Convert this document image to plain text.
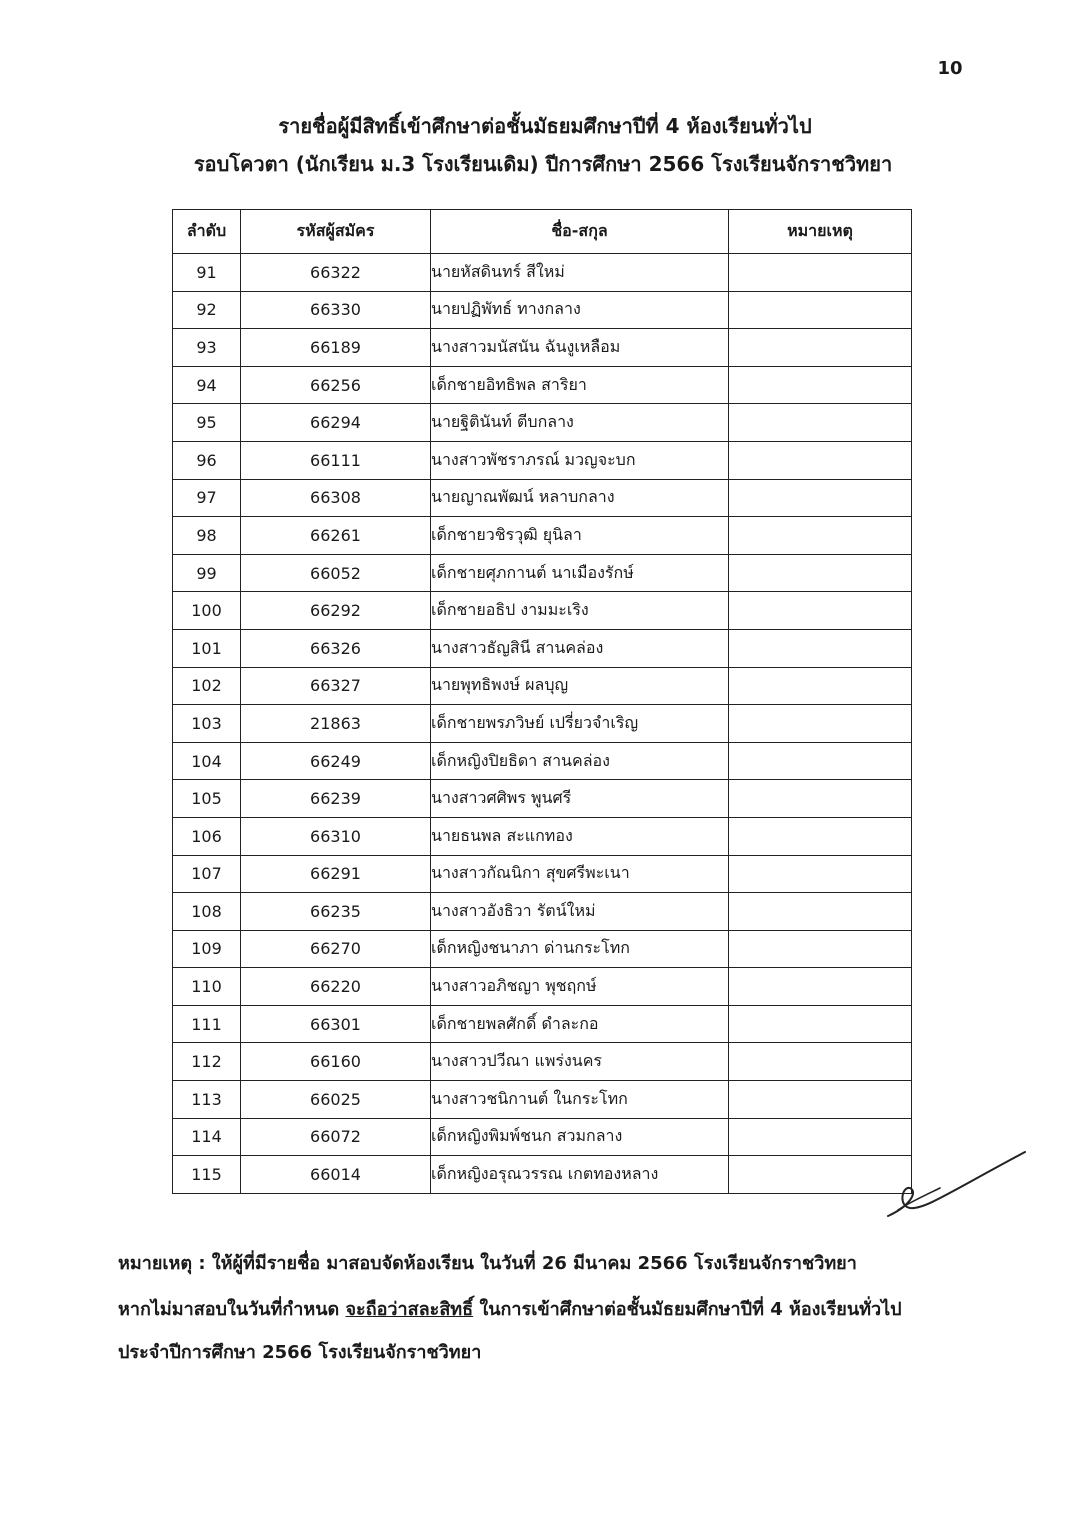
10
รายชื่อผู้มีสิทธิ์เข้าศึกษาต่อชั้นมัธยมศึกษาปีที่ 4 ห้องเรียนทั่วไป
รอบโควตา (นักเรียน ม.3 โรงเรียนเดิม) ปีการศึกษา 2566 โรงเรียนจักราชวิทยา
ลำดับ	รหัสผู้สมัคร	ชื่อ-สกุล	หมายเหตุ
91	66322	นายหัสดินทร์ สีใหม่	
92	66330	นายปฏิพัทธ์ ทางกลาง	
93	66189	นางสาวมนัสนัน ฉันงูเหลือม	
94	66256	เด็กชายอิทธิพล สาริยา	
95	66294	นายฐิตินันท์ ตีบกลาง	
96	66111	นางสาวพัชราภรณ์ มวญจะบก	
97	66308	นายญาณพัฒน์ หลาบกลาง	
98	66261	เด็กชายวชิรวุฒิ ยุนิลา	
99	66052	เด็กชายศุภกานต์ นาเมืองรักษ์	
100	66292	เด็กชายอธิป งามมะเริง	
101	66326	นางสาวธัญสินี สานคล่อง	
102	66327	นายพุทธิพงษ์ ผลบุญ	
103	21863	เด็กชายพรภวิษย์ เปรี่ยวจำเริญ	
104	66249	เด็กหญิงปิยธิดา สานคล่อง	
105	66239	นางสาวศศิพร พูนศรี	
106	66310	นายธนพล สะแกทอง	
107	66291	นางสาวกัณนิกา สุขศรีพะเนา	
108	66235	นางสาวอังธิวา รัตน์ใหม่	
109	66270	เด็กหญิงชนาภา ด่านกระโทก	
110	66220	นางสาวอภิชญา พุชฤกษ์	
111	66301	เด็กชายพลศักดิ์ ดำละกอ	
112	66160	นางสาวปวีณา แพร่งนคร	
113	66025	นางสาวชนิกานต์ ในกระโทก	
114	66072	เด็กหญิงพิมพ์ชนก สวมกลาง	
115	66014	เด็กหญิงอรุณวรรณ เกตทองหลาง	
หมายเหตุ : ให้ผู้ที่มีรายชื่อ มาสอบจัดห้องเรียน ในวันที่ 26 มีนาคม 2566 โรงเรียนจักราชวิทยา
หากไม่มาสอบในวันที่กำหนด จะถือว่าสละสิทธิ์ ในการเข้าศึกษาต่อชั้นมัธยมศึกษาปีที่ 4 ห้องเรียนทั่วไป
ประจำปีการศึกษา 2566 โรงเรียนจักราชวิทยา
